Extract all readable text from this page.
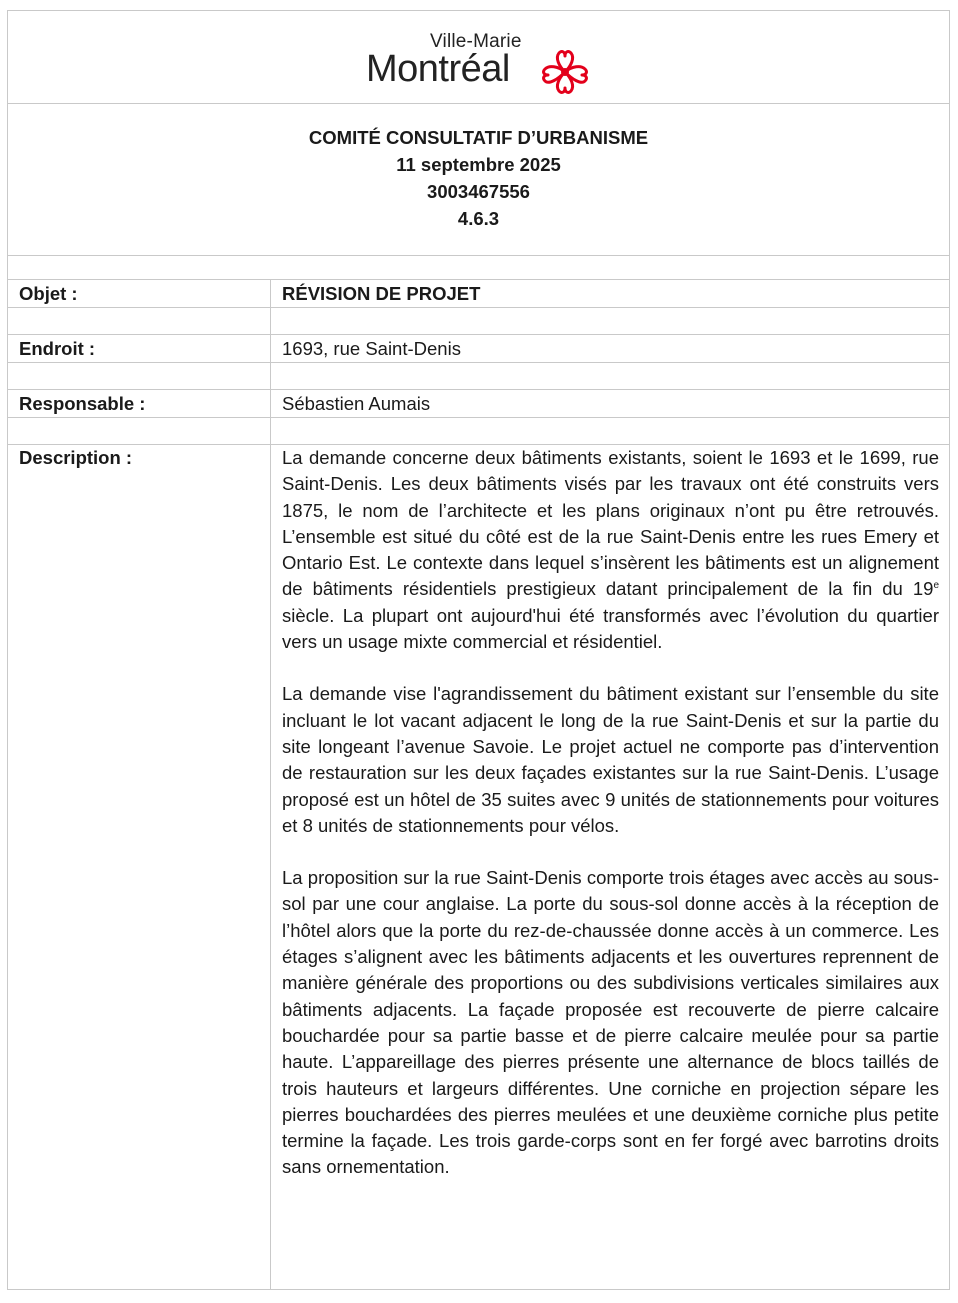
Ville-Marie
Montréal
COMITÉ CONSULTATIF D’URBANISME
11 septembre 2025
3003467556
4.6.3
Objet :	RÉVISION DE PROJET
Endroit :	1693, rue Saint-Denis
Responsable :	Sébastien Aumais
Description :	La demande concerne deux bâtiments existants, soient le 1693 et le 1699, rue Saint-Denis. Les deux bâtiments visés par les travaux ont été construits vers 1875, le nom de l’architecte et les plans originaux n’ont pu être retrouvés. L’ensemble est situé du côté est de la rue Saint-Denis entre les rues Emery et Ontario Est. Le contexte dans lequel s’insèrent les bâtiments est un alignement de bâtiments résidentiels prestigieux datant principalement de la fin du 19e siècle. La plupart ont aujourd'hui été transformés avec l’évolution du quartier vers un usage mixte commercial et résidentiel.

La demande vise l'agrandissement du bâtiment existant sur l’ensemble du site incluant le lot vacant adjacent le long de la rue Saint-Denis et sur la partie du site longeant l’avenue Savoie. Le projet actuel ne comporte pas d’intervention de restauration sur les deux façades existantes sur la rue Saint-Denis. L’usage proposé est un hôtel de 35 suites avec 9 unités de stationnements pour voitures et 8 unités de stationnements pour vélos.

La proposition sur la rue Saint-Denis comporte trois étages avec accès au sous-sol par une cour anglaise. La porte du sous-sol donne accès à la réception de l’hôtel alors que la porte du rez-de-chaussée donne accès à un commerce. Les étages s’alignent avec les bâtiments adjacents et les ouvertures reprennent de manière générale des proportions ou des subdivisions verticales similaires aux bâtiments adjacents. La façade proposée est recouverte de pierre calcaire bouchardée pour sa partie basse et de pierre calcaire meulée pour sa partie haute. L’appareillage des pierres présente une alternance de blocs taillés de trois hauteurs et largeurs différentes. Une corniche en projection sépare les pierres bouchardées des pierres meulées et une deuxième corniche plus petite termine la façade. Les trois garde-corps sont en fer forgé avec barrotins droits sans ornementation.
